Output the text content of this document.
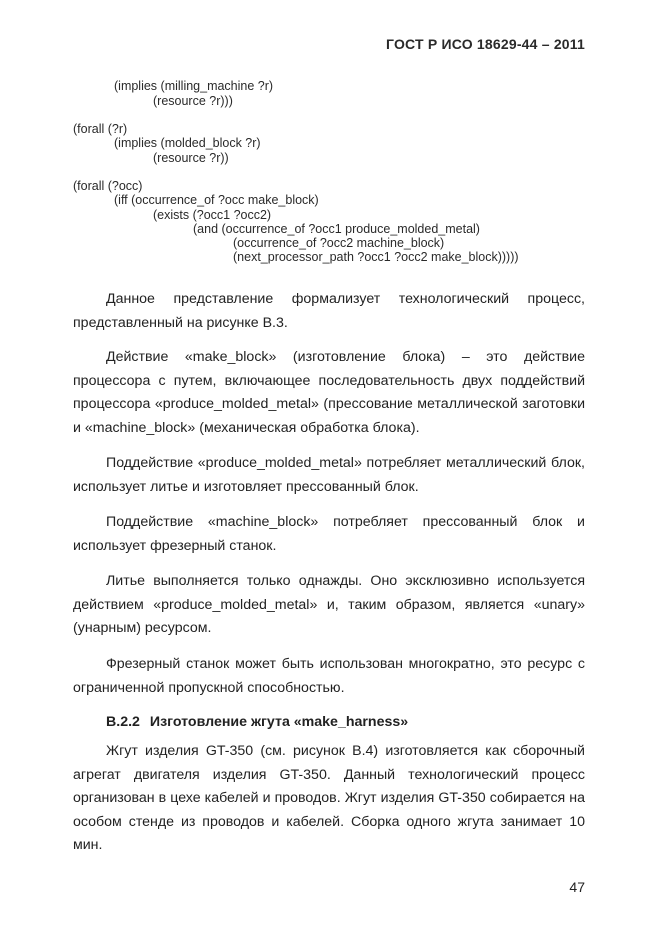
ГОСТ Р ИСО 18629-44 – 2011
(implies (milling_machine ?r)
(resource ?r)))
(forall (?r)
(implies (molded_block ?r)
(resource ?r))
(forall (?occ)
(iff (occurrence_of ?occ make_block)
(exists (?occ1 ?occ2)
(and (occurrence_of ?occ1 produce_molded_metal)
(occurrence_of ?occ2 machine_block)
(next_processor_path ?occ1 ?occ2 make_block)))))
Данное представление формализует технологический процесс, представленный на рисунке В.3.
Действие «make_block» (изготовление блока) – это действие процессора с путем, включающее последовательность двух поддействий процессора «produce_molded_metal» (прессование металлической заготовки и «machine_block» (механическая обработка блока).
Поддействие «produce_molded_metal» потребляет металлический блок, использует литье и изготовляет прессованный блок.
Поддействие «machine_block» потребляет прессованный блок и использует фрезерный станок.
Литье выполняется только однажды. Оно эксклюзивно используется действием «produce_molded_metal» и, таким образом, является «unary» (унарным) ресурсом.
Фрезерный станок может быть использован многократно, это ресурс с ограниченной пропускной способностью.
В.2.2 Изготовление жгута «make_harness»
Жгут изделия GT-350 (см. рисунок В.4) изготовляется как сборочный агрегат двигателя изделия GT-350. Данный технологический процесс организован в цехе кабелей и проводов. Жгут изделия GT-350 собирается на особом стенде из проводов и кабелей. Сборка одного жгута занимает 10 мин.
47
